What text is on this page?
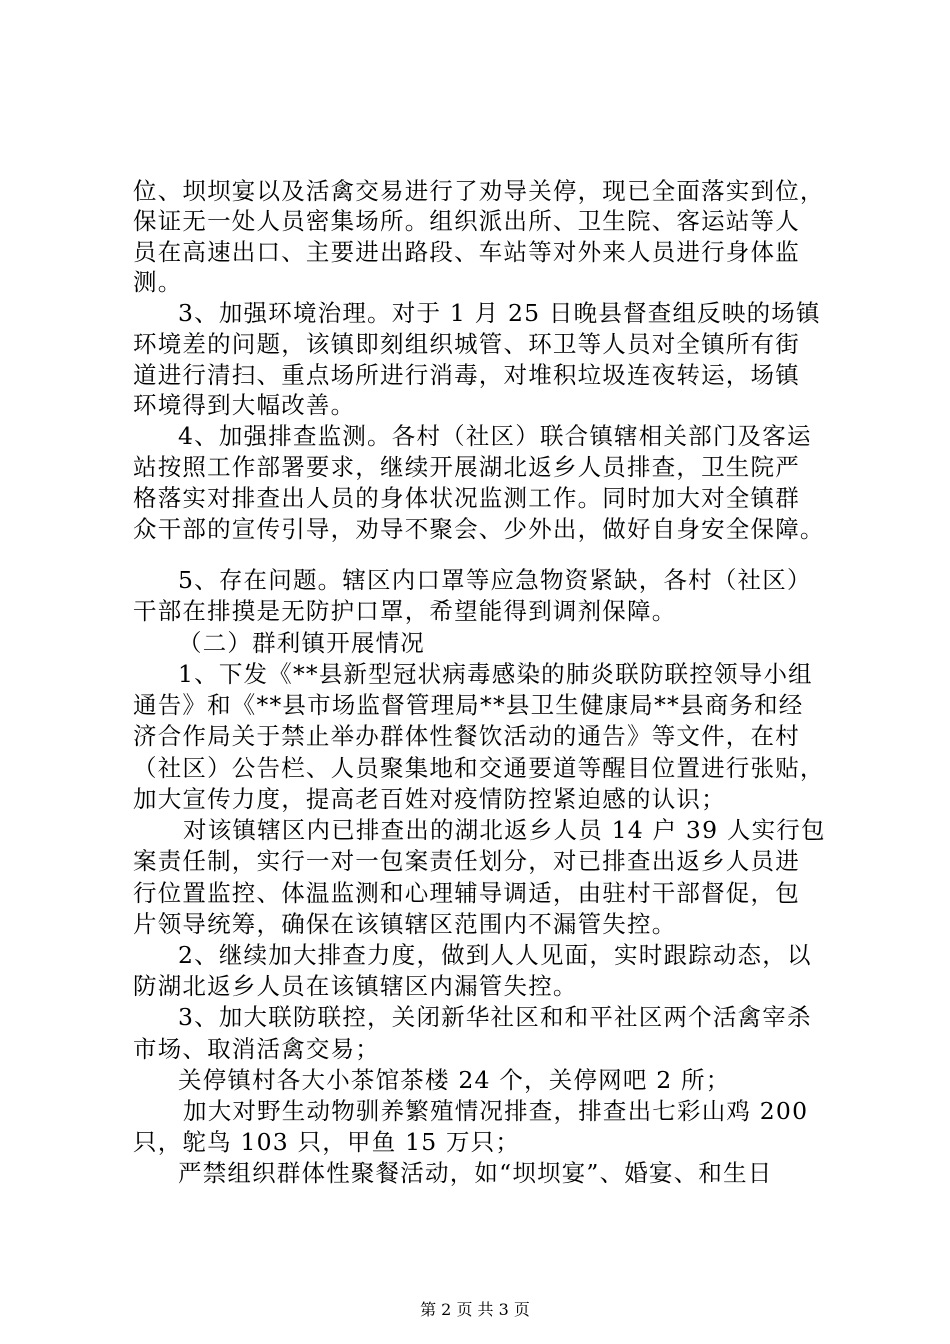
位、坝坝宴以及活禽交易进行了劝导关停，现已全面落实到位，
保证无一处人员密集场所。组织派出所、卫生院、客运站等人
员在高速出口、主要进出路段、车站等对外来人员进行身体监
测。
3、加强环境治理。对于 1 月 25 日晚县督查组反映的场镇
环境差的问题，该镇即刻组织城管、环卫等人员对全镇所有街
道进行清扫、重点场所进行消毒，对堆积垃圾连夜转运，场镇
环境得到大幅改善。
4、加强排查监测。各村（社区）联合镇辖相关部门及客运
站按照工作部署要求，继续开展湖北返乡人员排查，卫生院严
格落实对排查出人员的身体状况监测工作。同时加大对全镇群
众干部的宣传引导，劝导不聚会、少外出，做好自身安全保障。
5、存在问题。辖区内口罩等应急物资紧缺，各村（社区）
干部在排摸是无防护口罩，希望能得到调剂保障。
（二）群利镇开展情况
1、下发《**县新型冠状病毒感染的肺炎联防联控领导小组
通告》和《**县市场监督管理局**县卫生健康局**县商务和经
济合作局关于禁止举办群体性餐饮活动的通告》等文件，在村
（社区）公告栏、人员聚集地和交通要道等醒目位置进行张贴，
加大宣传力度，提高老百姓对疫情防控紧迫感的认识；
对该镇辖区内已排查出的湖北返乡人员 14 户 39 人实行包
案责任制，实行一对一包案责任划分，对已排查出返乡人员进
行位置监控、体温监测和心理辅导调适，由驻村干部督促，包
片领导统筹，确保在该镇辖区范围内不漏管失控。
2、继续加大排查力度，做到人人见面，实时跟踪动态，以
防湖北返乡人员在该镇辖区内漏管失控。
3、加大联防联控，关闭新华社区和和平社区两个活禽宰杀
市场、取消活禽交易；
关停镇村各大小茶馆茶楼 24 个，关停网吧 2 所；
加大对野生动物驯养繁殖情况排查，排查出七彩山鸡 200
只，鸵鸟 103 只，甲鱼 15 万只；
严禁组织群体性聚餐活动，如“坝坝宴”、婚宴、和生日
第 2 页 共 3 页
